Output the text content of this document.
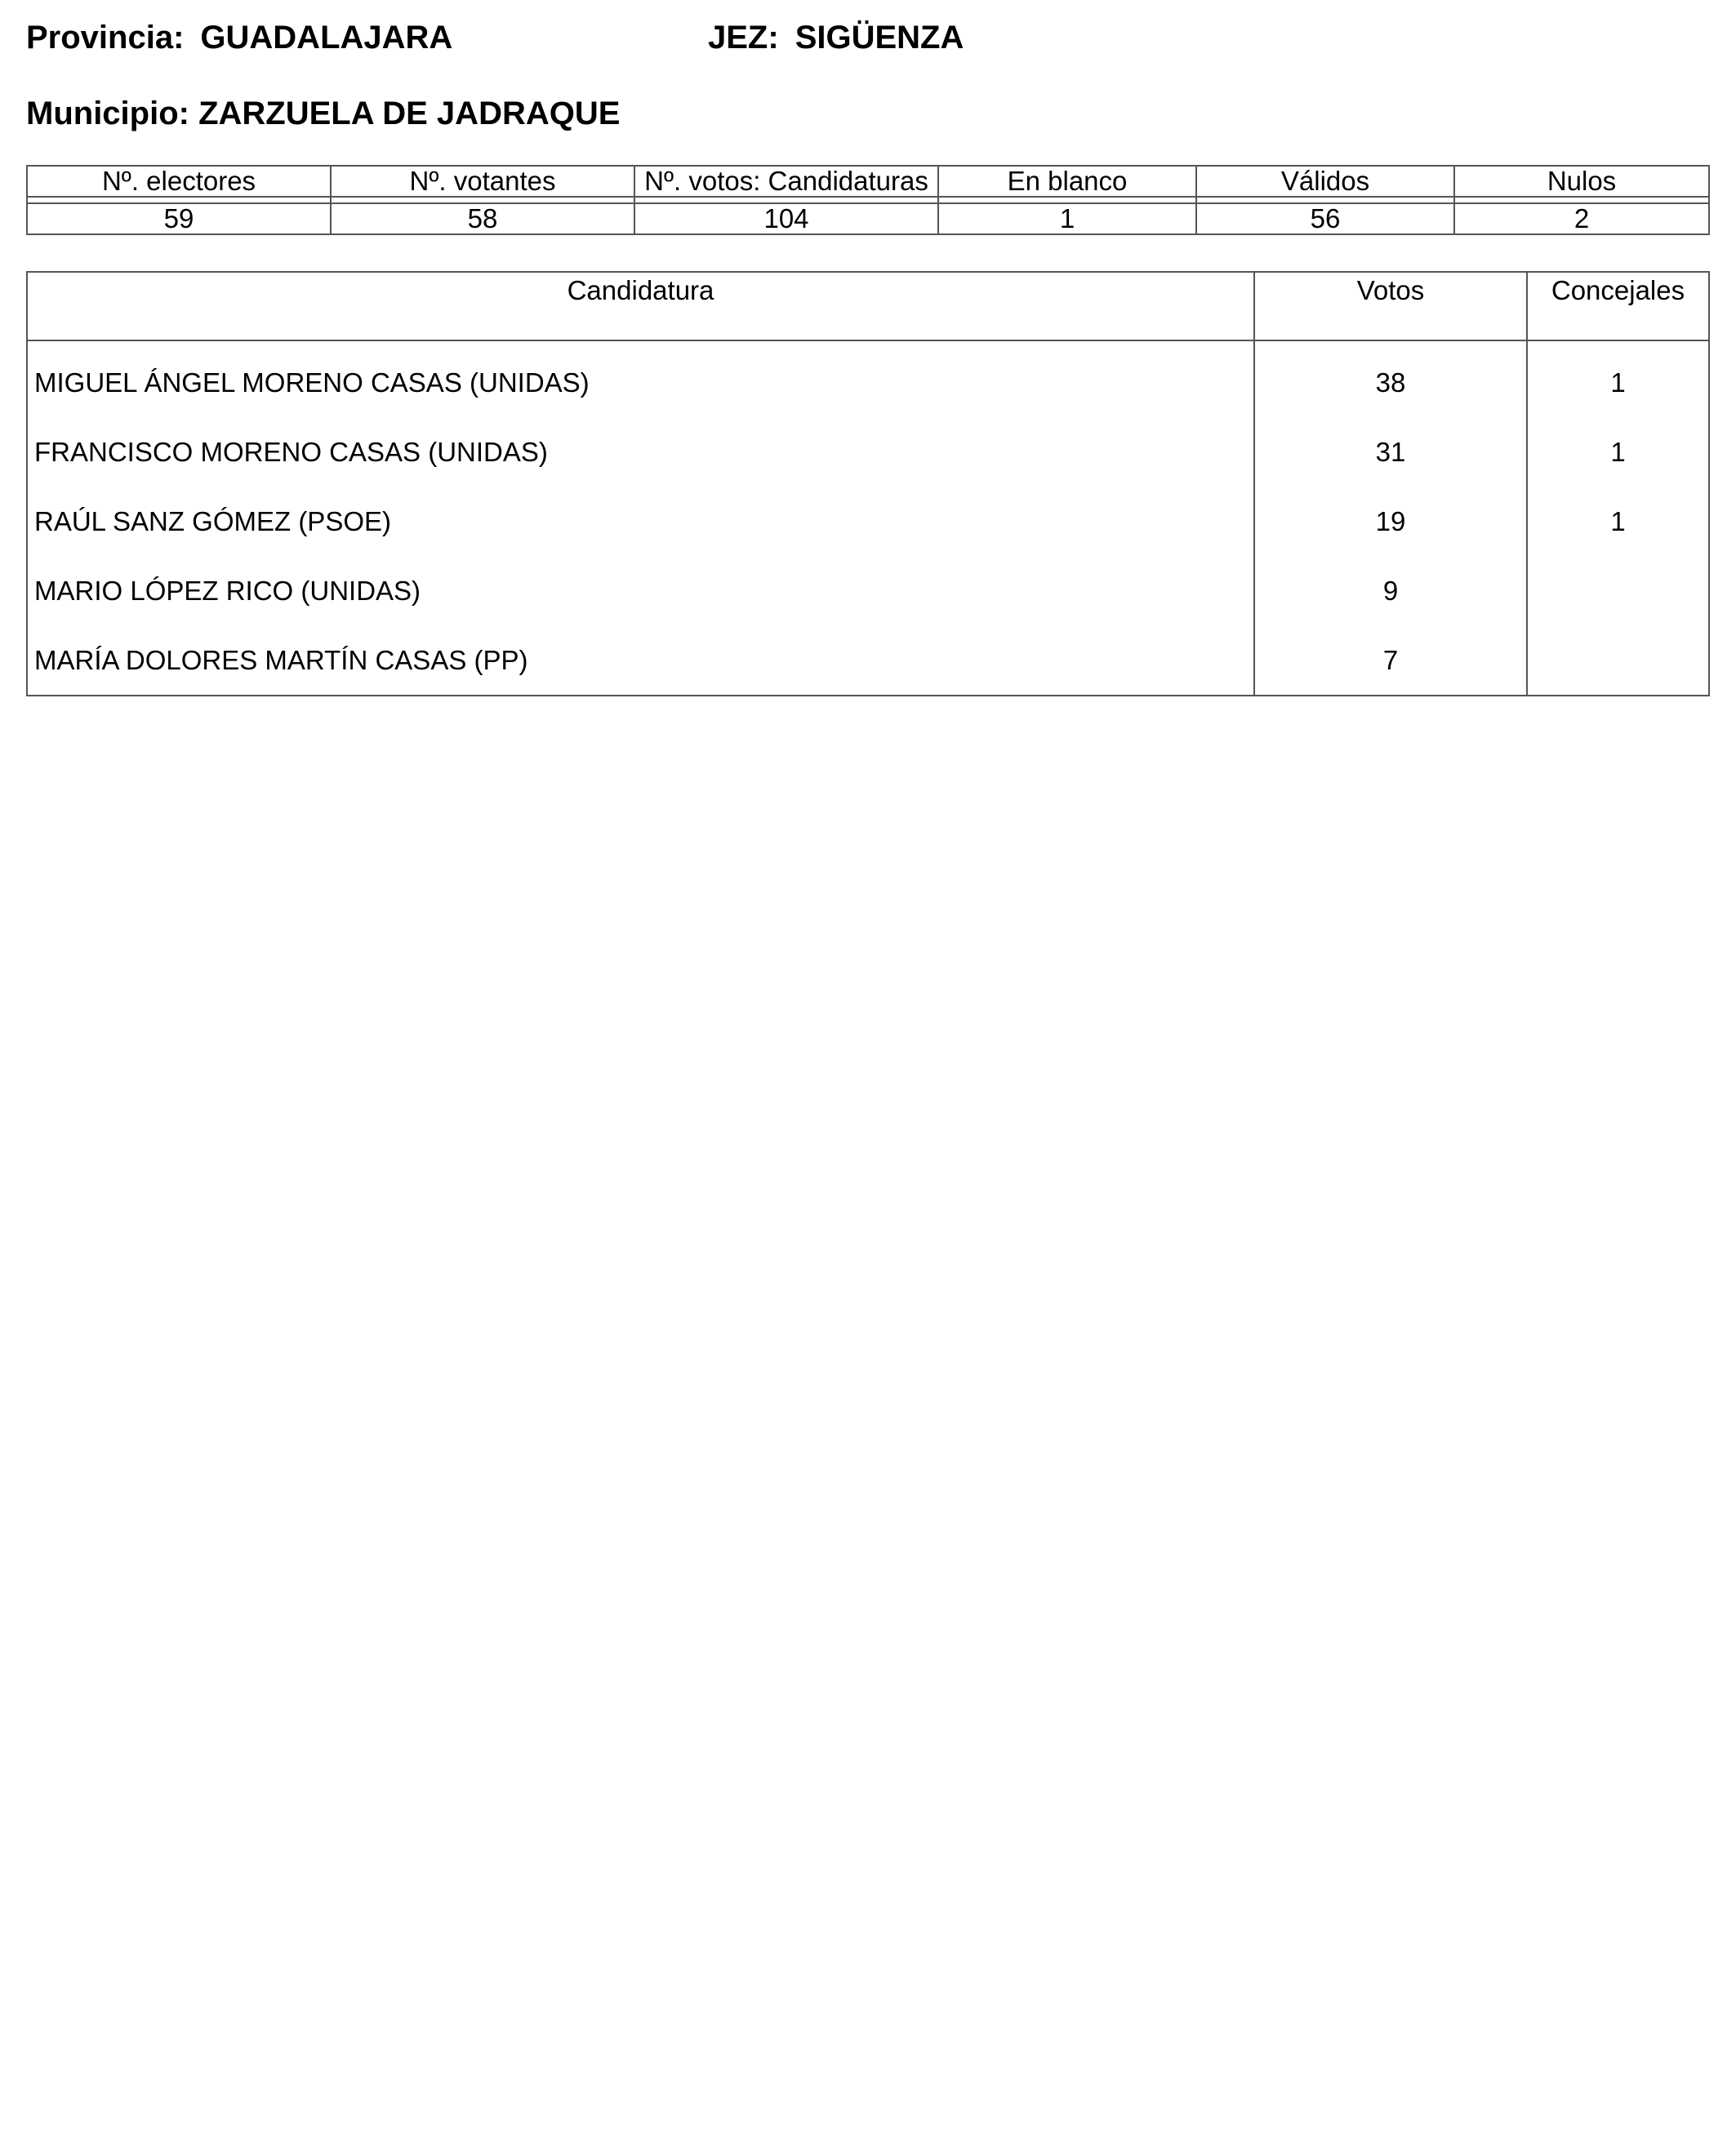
Provincia: GUADALAJARA	JEZ: SIGÜENZA
Municipio: ZARZUELA DE JADRAQUE
Nº. electores	Nº. votantes	Nº. votos: Candidaturas	En blanco	Válidos	Nulos

59	58	104	1	56	2
Candidatura	Votos	Concejales

MIGUEL ÁNGEL MORENO CASAS (UNIDAS)	38	1
FRANCISCO MORENO CASAS (UNIDAS)	31	1
RAÚL SANZ GÓMEZ (PSOE)	19	1
MARIO LÓPEZ RICO (UNIDAS)	9	
MARÍA DOLORES MARTÍN CASAS (PP)	7	
